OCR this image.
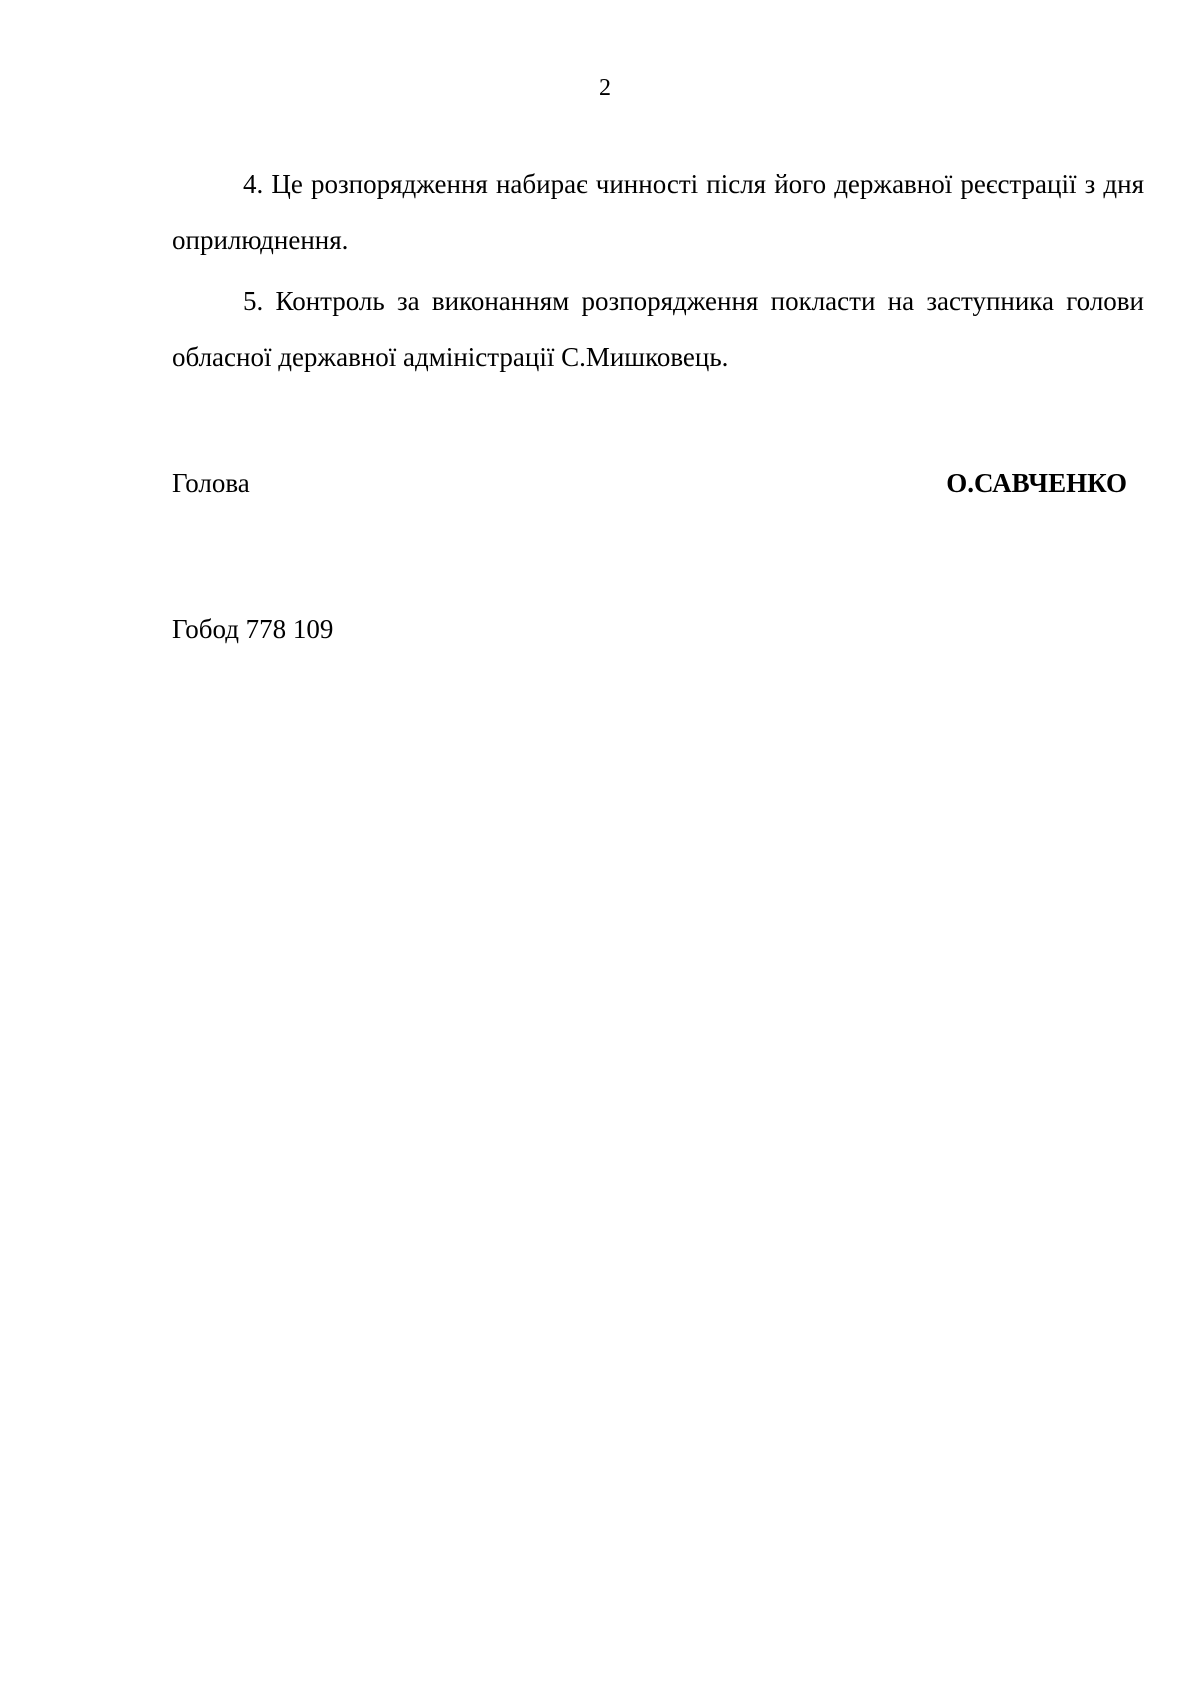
2

4. Це розпорядження набирає чинності після його державної реєстрації з дня оприлюднення.

5. Контроль за виконанням розпорядження покласти на заступника голови обласної державної адміністрації С.Мишковець.

Голова	О.САВЧЕНКО
Гобод 778 109
